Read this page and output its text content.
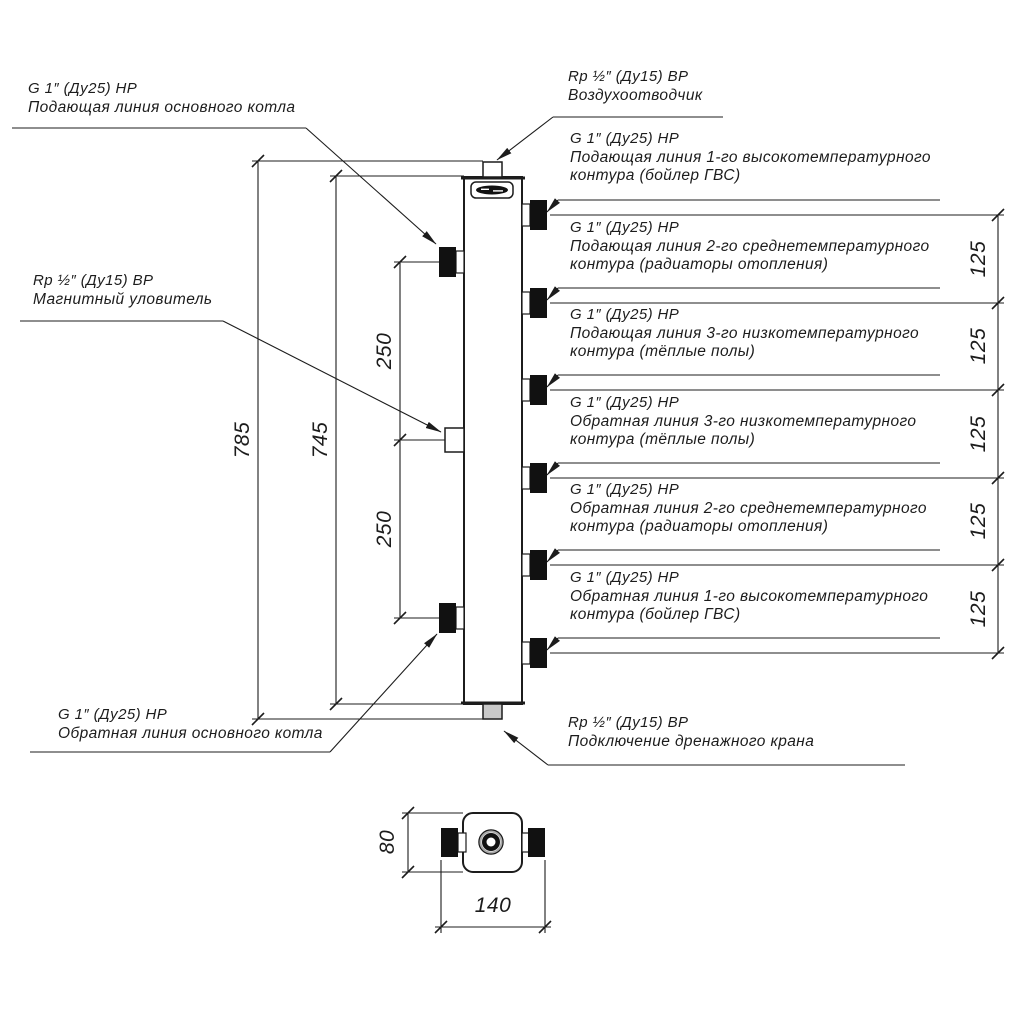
G 1″ (Ду25) НР
Подающая линия основного котла
Rp ½″ (Ду15) ВР
Воздухоотводчик
Rp ½″ (Ду15) ВР
Магнитный уловитель
G 1″ (Ду25) НР
Обратная линия основного котла
Rp ½″ (Ду15) ВР
Подключение дренажного крана
G 1″ (Ду25) НР
Подающая линия 1-го высокотемпературного
контура (бойлер ГВС)
G 1″ (Ду25) НР
Подающая линия 2-го среднетемпературного
контура (радиаторы отопления)
G 1″ (Ду25) НР
Подающая линия 3-го низкотемпературного
контура (тёплые полы)
G 1″ (Ду25) НР
Обратная линия 3-го низкотемпературного
контура (тёплые полы)
G 1″ (Ду25) НР
Обратная линия 2-го среднетемпературного
контура (радиаторы отопления)
G 1″ (Ду25) НР
Обратная линия 1-го высокотемпературного
контура (бойлер ГВС)
785	745
250
250
125
125
125
125
125
80
140
